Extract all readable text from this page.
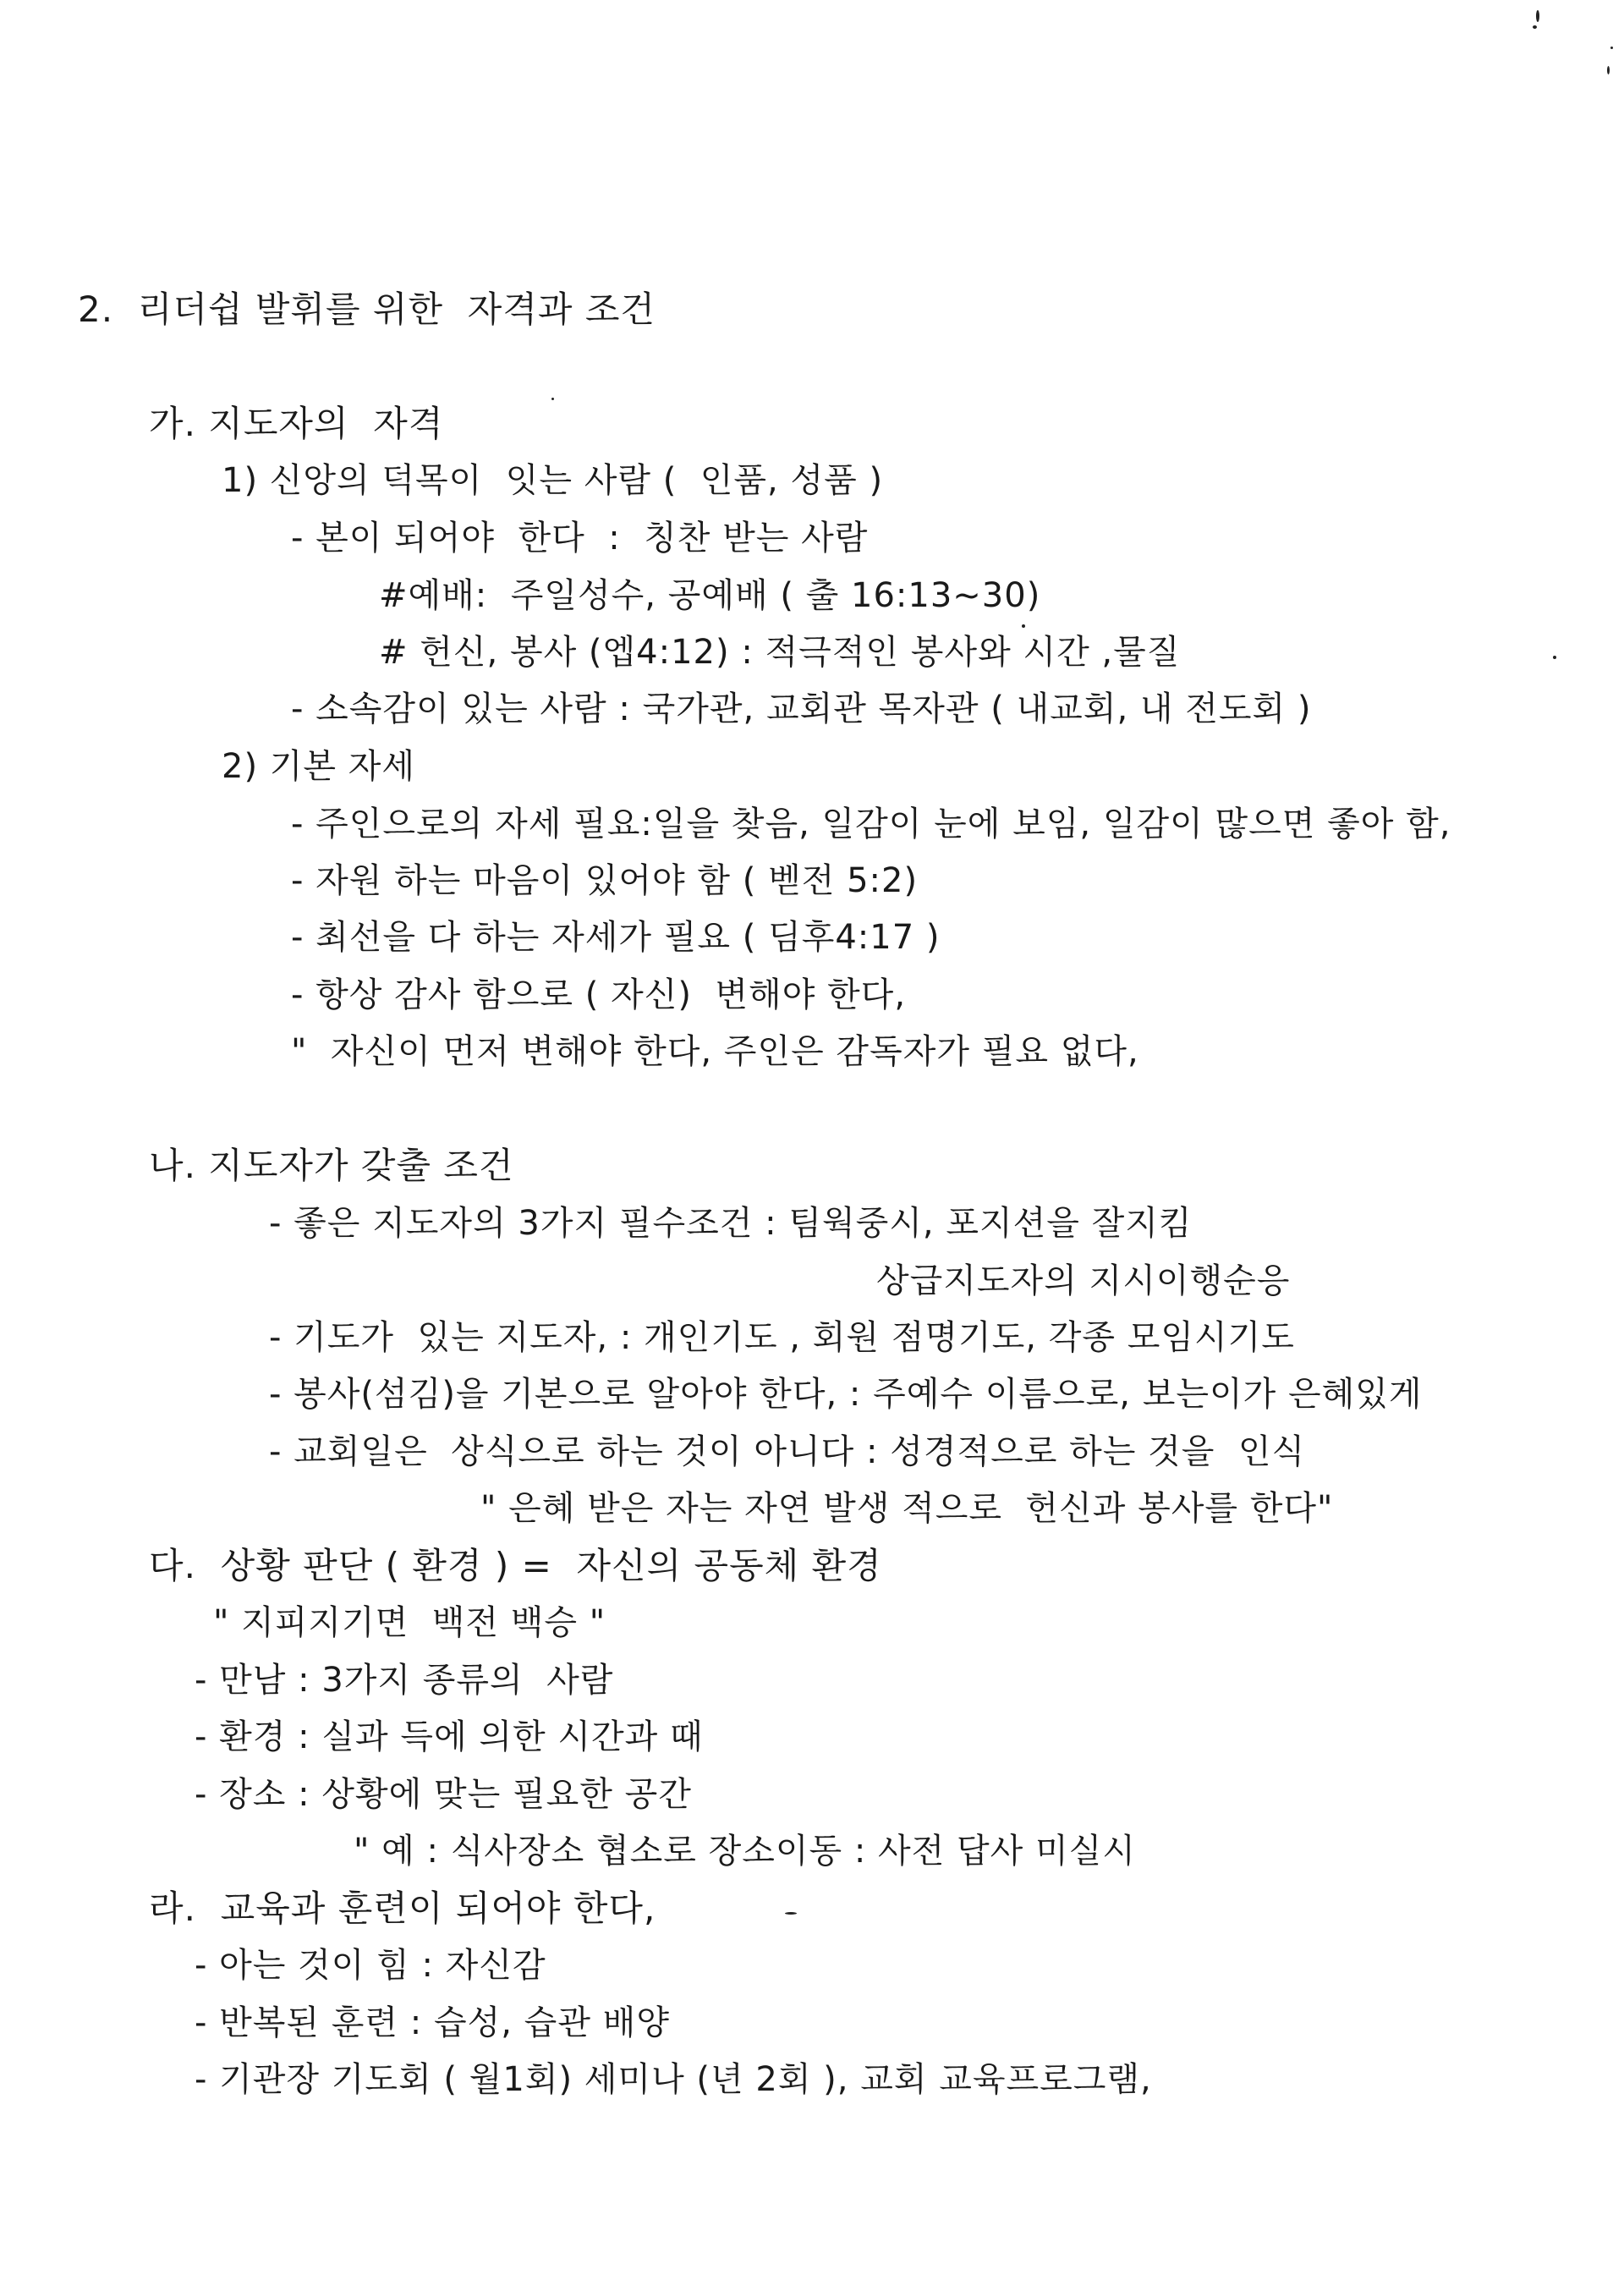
2.  리더쉽 발휘를 위한  자격과 조건
가. 지도자의  자격
1) 신앙의 덕목이  잇는 사람 (  인품, 성품 )
- 본이 되어야  한다  :  칭찬 받는 사람
#예배:  주일성수, 공예배 ( 출 16:13~30)
# 헌신, 봉사 (엡4:12) : 적극적인 봉사와 시간 ,물질
- 소속감이 있는 사람 : 국가관, 교회관 목자관 ( 내교회, 내 전도회 )
2) 기본 자세
- 주인으로의 자세 필요:일을 찾음, 일감이 눈에 보임, 일감이 많으면 좋아 함,
- 자원 하는 마음이 있어야 함 ( 벧전 5:2)
- 최선을 다 하는 자세가 필요 ( 딤후4:17 )
- 항상 감사 함으로 ( 자신)  변해야 한다,
"  자신이 먼저 변해야 한다, 주인은 감독자가 필요 없다,
나. 지도자가 갖출 조건
- 좋은 지도자의 3가지 필수조건 : 팀웍중시, 포지션을 잘지킴
상급지도자의 지시이행순응
- 기도가  있는 지도자, : 개인기도 , 회원 점명기도, 각종 모임시기도
- 봉사(섬김)을 기본으로 알아야 한다, : 주예수 이름으로, 보는이가 은혜있게
- 교회일은  상식으로 하는 것이 아니다 : 성경적으로 하는 것을  인식
" 은혜 받은 자는 자연 발생 적으로  헌신과 봉사를 한다"
다.  상황 판단 ( 환경 ) =  자신의 공동체 환경
" 지피지기면  백전 백승 "
- 만남 : 3가지 종류의  사람
- 환경 : 실과 득에 의한 시간과 때
- 장소 : 상황에 맞는 필요한 공간
" 예 : 식사장소 협소로 장소이동 : 사전 답사 미실시
라.  교육과 훈련이 되어야 한다,
- 아는 것이 힘 : 자신감
- 반복된 훈련 : 습성, 습관 배양
- 기관장 기도회 ( 월1회) 세미나 (년 2회 ), 교회 교육프로그램,
